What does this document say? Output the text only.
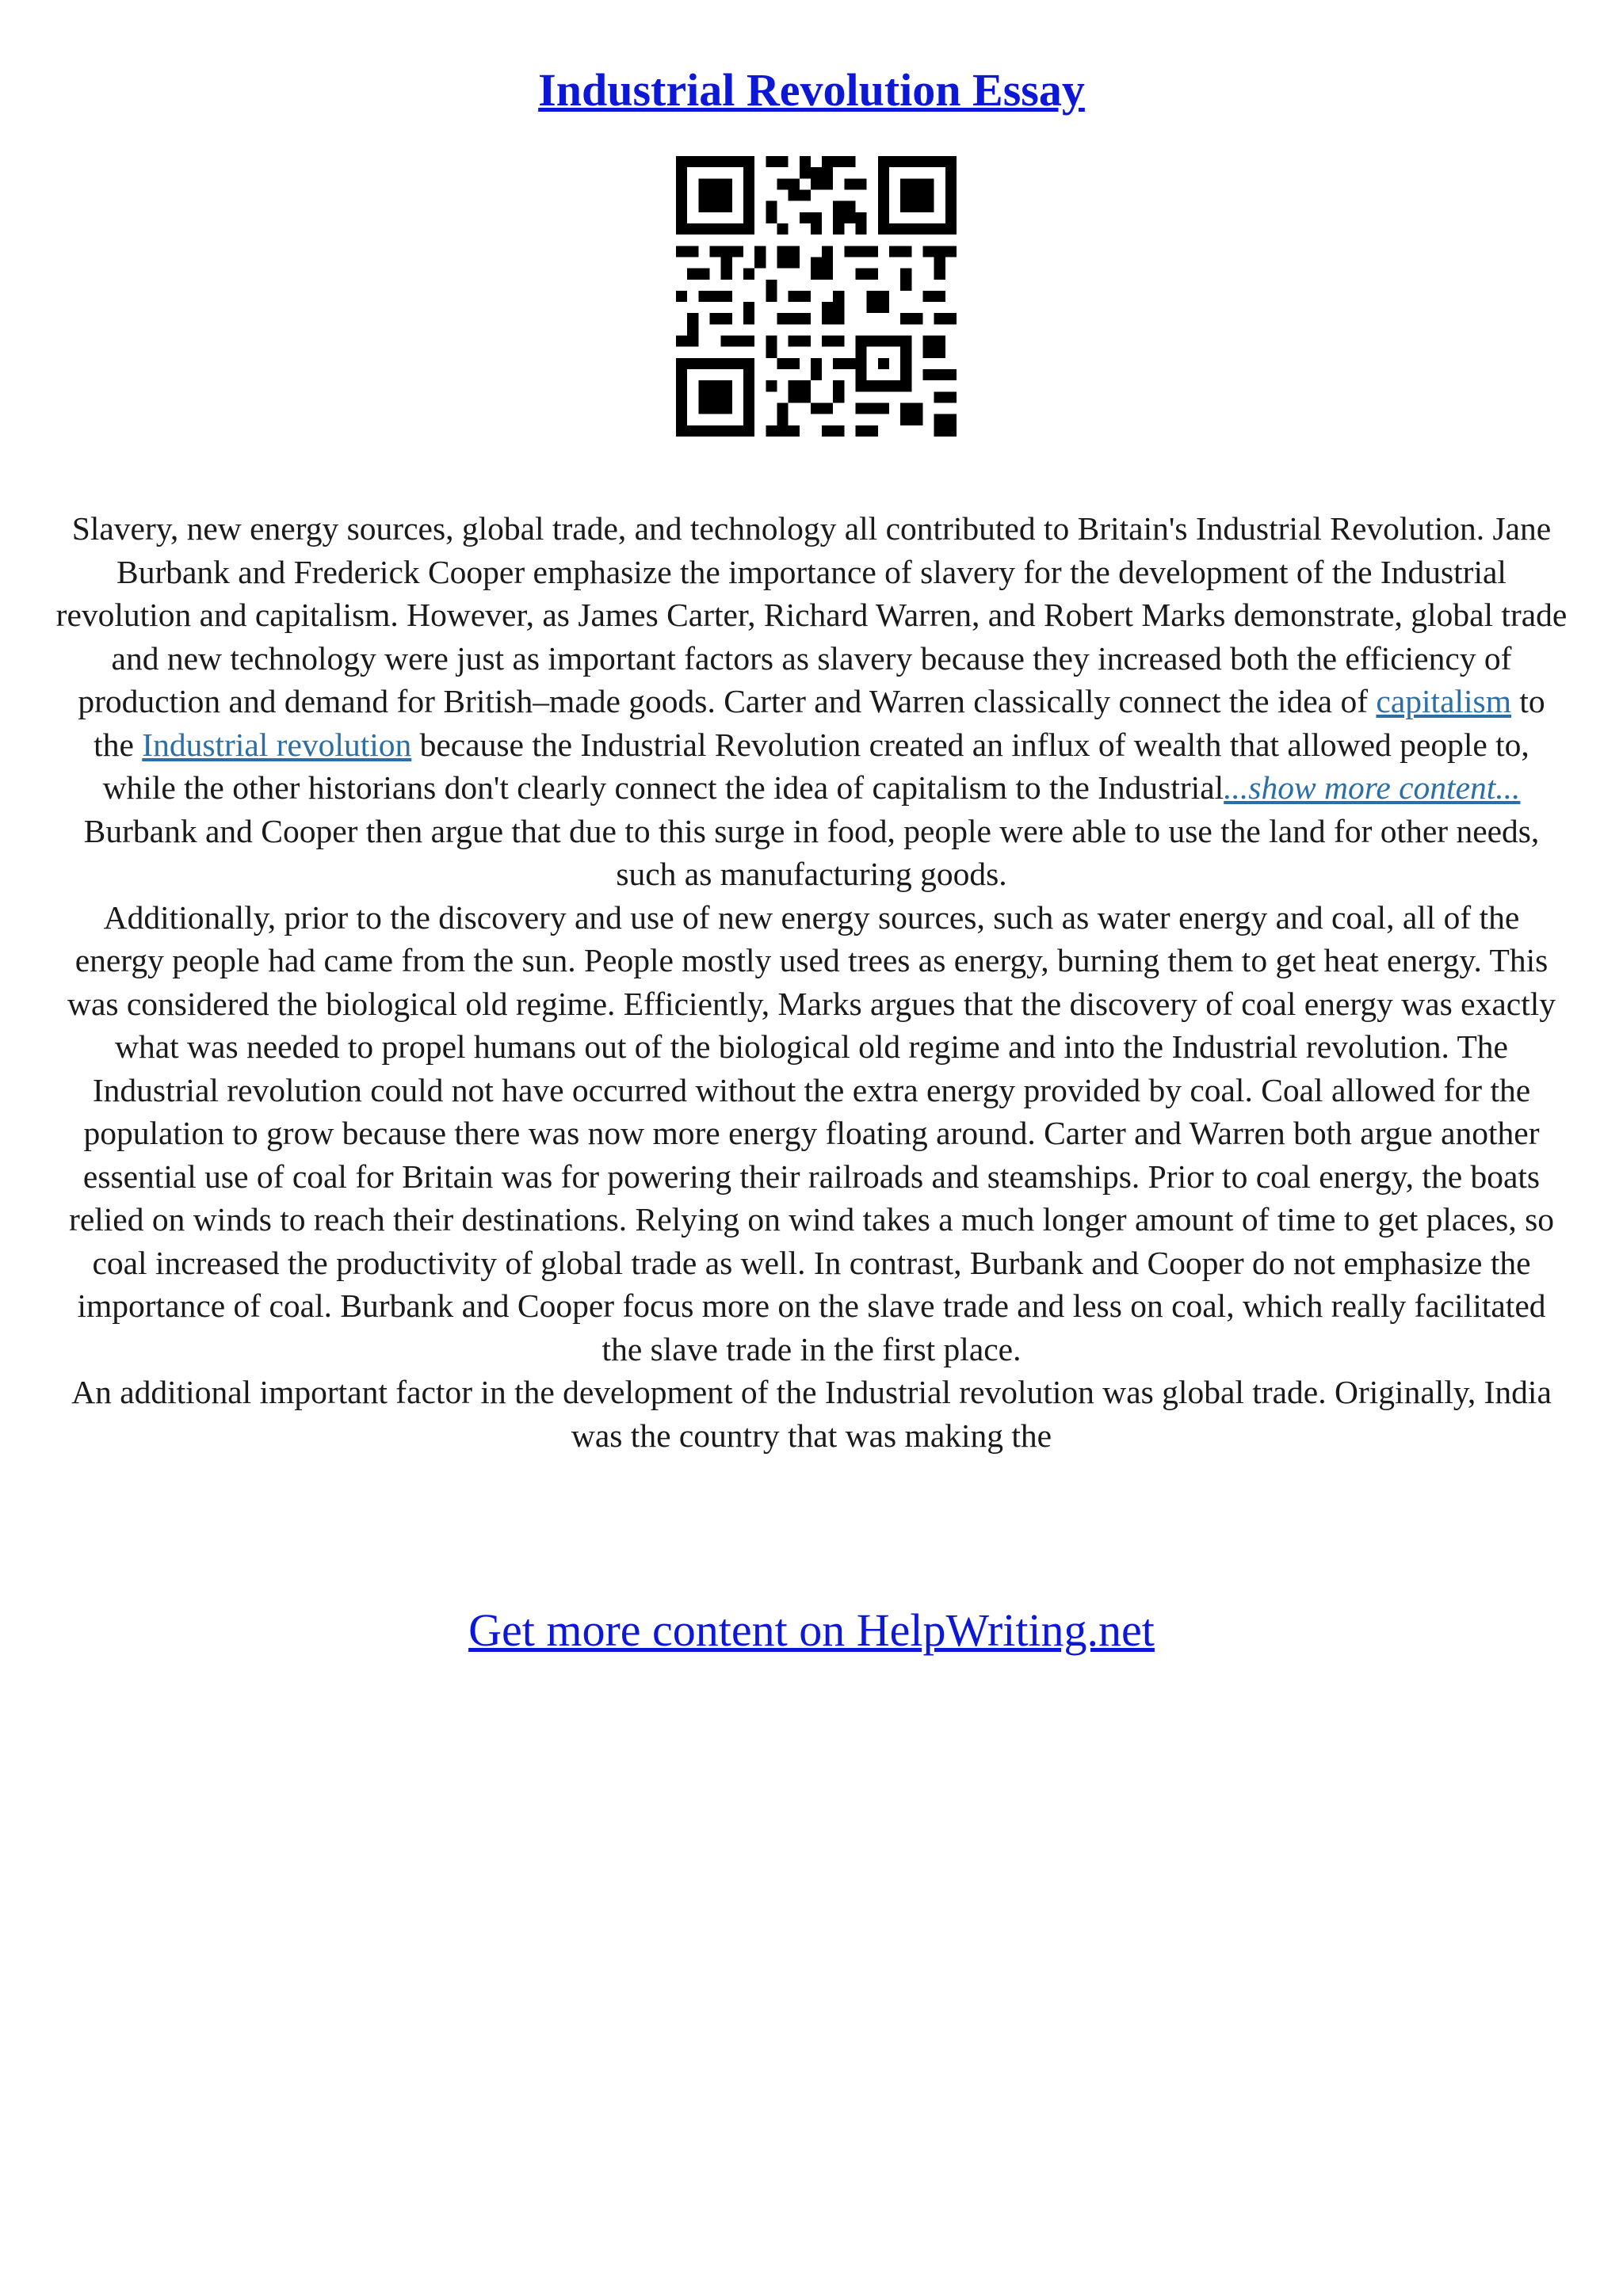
Industrial Revolution Essay

Slavery, new energy sources, global trade, and technology all contributed to Britain's Industrial Revolution. Jane Burbank and Frederick Cooper emphasize the importance of slavery for the development of the Industrial revolution and capitalism. However, as James Carter, Richard Warren, and Robert Marks demonstrate, global trade and new technology were just as important factors as slavery because they increased both the efficiency of production and demand for British–made goods. Carter and Warren classically connect the idea of capitalism to the Industrial revolution because the Industrial Revolution created an influx of wealth that allowed people to, while the other historians don't clearly connect the idea of capitalism to the Industrial...show more content...

Burbank and Cooper then argue that due to this surge in food, people were able to use the land for other needs, such as manufacturing goods.

Additionally, prior to the discovery and use of new energy sources, such as water energy and coal, all of the energy people had came from the sun. People mostly used trees as energy, burning them to get heat energy. This was considered the biological old regime. Efficiently, Marks argues that the discovery of coal energy was exactly what was needed to propel humans out of the biological old regime and into the Industrial revolution. The Industrial revolution could not have occurred without the extra energy provided by coal. Coal allowed for the population to grow because there was now more energy floating around. Carter and Warren both argue another essential use of coal for Britain was for powering their railroads and steamships. Prior to coal energy, the boats relied on winds to reach their destinations. Relying on wind takes a much longer amount of time to get places, so coal increased the productivity of global trade as well. In contrast, Burbank and Cooper do not emphasize the importance of coal. Burbank and Cooper focus more on the slave trade and less on coal, which really facilitated the slave trade in the first place.

An additional important factor in the development of the Industrial revolution was global trade. Originally, India was the country that was making the

Get more content on HelpWriting.net
